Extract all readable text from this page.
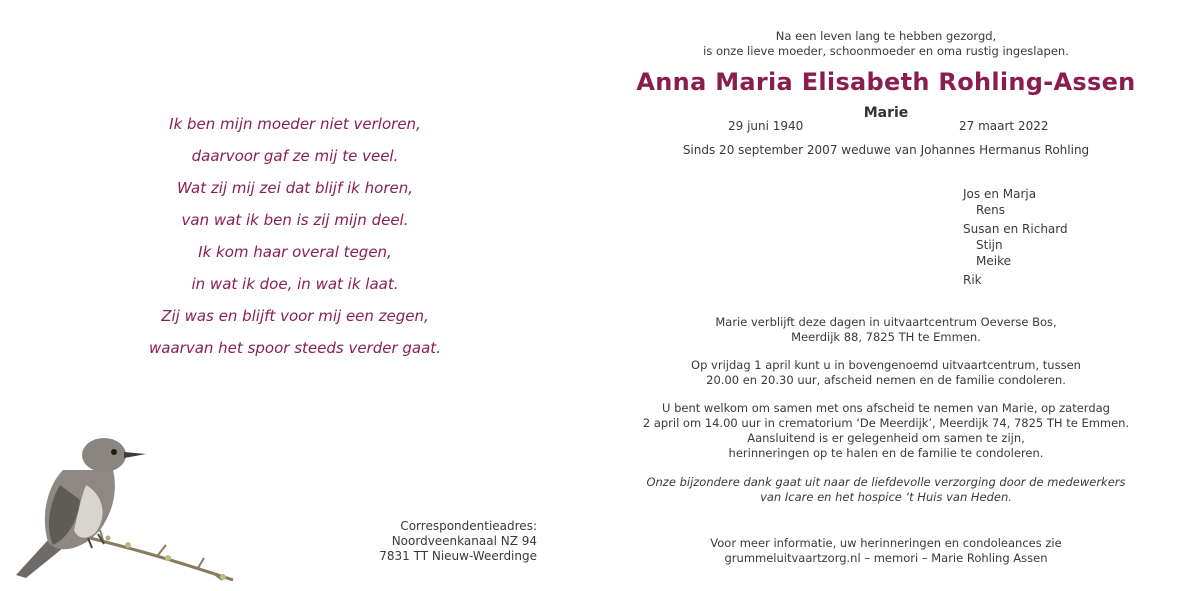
Ik ben mijn moeder niet verloren,
daarvoor gaf ze mij te veel.
Wat zij mij zei dat blijf ik horen,
van wat ik ben is zij mijn deel.
Ik kom haar overal tegen,
in wat ik doe, in wat ik laat.
Zij was en blijft voor mij een zegen,
waarvan het spoor steeds verder gaat.
Correspondentieadres:
Noordveenkanaal NZ 94
7831 TT Nieuw-Weerdinge
Na een leven lang te hebben gezorgd,
is onze lieve moeder, schoonmoeder en oma rustig ingeslapen.
Anna Maria Elisabeth Rohling-Assen
Marie
29 juni 1940	27 maart 2022
Sinds 20 september 2007 weduwe van Johannes Hermanus Rohling
Jos en Marja
Rens
Susan en Richard
Stijn
Meike
Rik
Marie verblijft deze dagen in uitvaartcentrum Oeverse Bos,
Meerdijk 88, 7825 TH te Emmen.
Op vrijdag 1 april kunt u in bovengenoemd uitvaartcentrum, tussen
20.00 en 20.30 uur, afscheid nemen en de familie condoleren.
U bent welkom om samen met ons afscheid te nemen van Marie, op zaterdag
2 april om 14.00 uur in crematorium ‘De Meerdijk’, Meerdijk 74, 7825 TH te Emmen.
Aansluitend is er gelegenheid om samen te zijn,
herinneringen op te halen en de familie te condoleren.
Onze bijzondere dank gaat uit naar de liefdevolle verzorging door de medewerkers
van Icare en het hospice ‘t Huis van Heden.
Voor meer informatie, uw herinneringen en condoleances zie
grummeluitvaartzorg.nl – memori – Marie Rohling Assen
